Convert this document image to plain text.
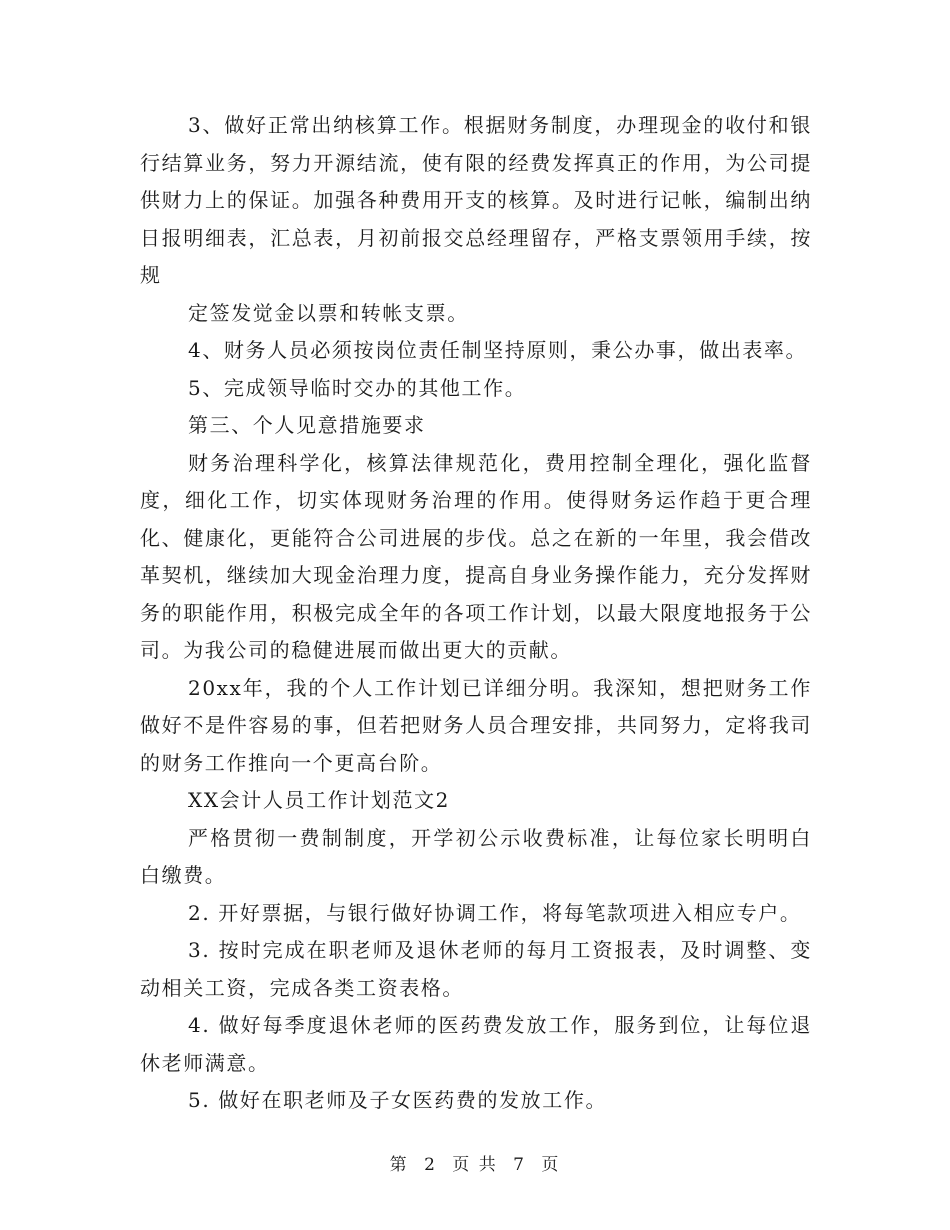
3、做好正常出纳核算工作。根据财务制度，办理现金的收付和银行结算业务，努力开源结流，使有限的经费发挥真正的作用，为公司提供财力上的保证。加强各种费用开支的核算。及时进行记帐，编制出纳日报明细表，汇总表，月初前报交总经理留存，严格支票领用手续，按规

定签发觉金以票和转帐支票。

4、财务人员必须按岗位责任制坚持原则，秉公办事，做出表率。

5、完成领导临时交办的其他工作。

第三、个人见意措施要求

财务治理科学化，核算法律规范化，费用控制全理化，强化监督度，细化工作，切实体现财务治理的作用。使得财务运作趋于更合理化、健康化，更能符合公司进展的步伐。总之在新的一年里，我会借改革契机，继续加大现金治理力度，提高自身业务操作能力，充分发挥财务的职能作用，积极完成全年的各项工作计划，以最大限度地报务于公司。为我公司的稳健进展而做出更大的贡献。

20xx年，我的个人工作计划已详细分明。我深知，想把财务工作做好不是件容易的事，但若把财务人员合理安排，共同努力，定将我司的财务工作推向一个更高台阶。

XX会计人员工作计划范文2

严格贯彻一费制制度，开学初公示收费标准，让每位家长明明白白缴费。

2. 开好票据，与银行做好协调工作，将每笔款项进入相应专户。

3. 按时完成在职老师及退休老师的每月工资报表，及时调整、变动相关工资，完成各类工资表格。

4. 做好每季度退休老师的医药费发放工作，服务到位，让每位退休老师满意。

5. 做好在职老师及子女医药费的发放工作。

第 2 页 共 7 页
